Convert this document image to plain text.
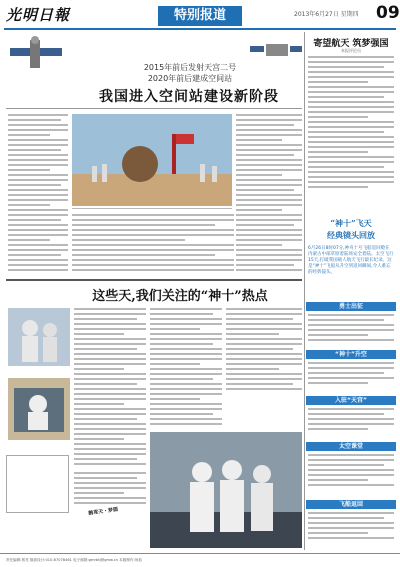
光明日報	特别报道	2013年6月27日 星期四 09
2015年前后发射天宫二号
2020年前后建成空间站
我国进入空间站建设新阶段
这些天,我们关注的“神十”热点
鹅鸢天・梦圆
寄望航天 筑梦强国
本报评论员
“神十”飞天
经典镜头回放
6月26日8时07分,神舟十号飞船返回舱在内蒙古中部草原着陆场安全着陆。太空飞行15天,打破我国载人航天飞行最长纪录。这是“神十”飞船从升空到返回瞬间,令人难忘的经典镜头。
勇士出征
“神十”升空
入驻“天宫”
太空课堂
飞船返回
责任编辑:郭亮 版面设计:010-67078461 电子邮箱:gmrbtj@gmw.cn 本版制作:何茹
